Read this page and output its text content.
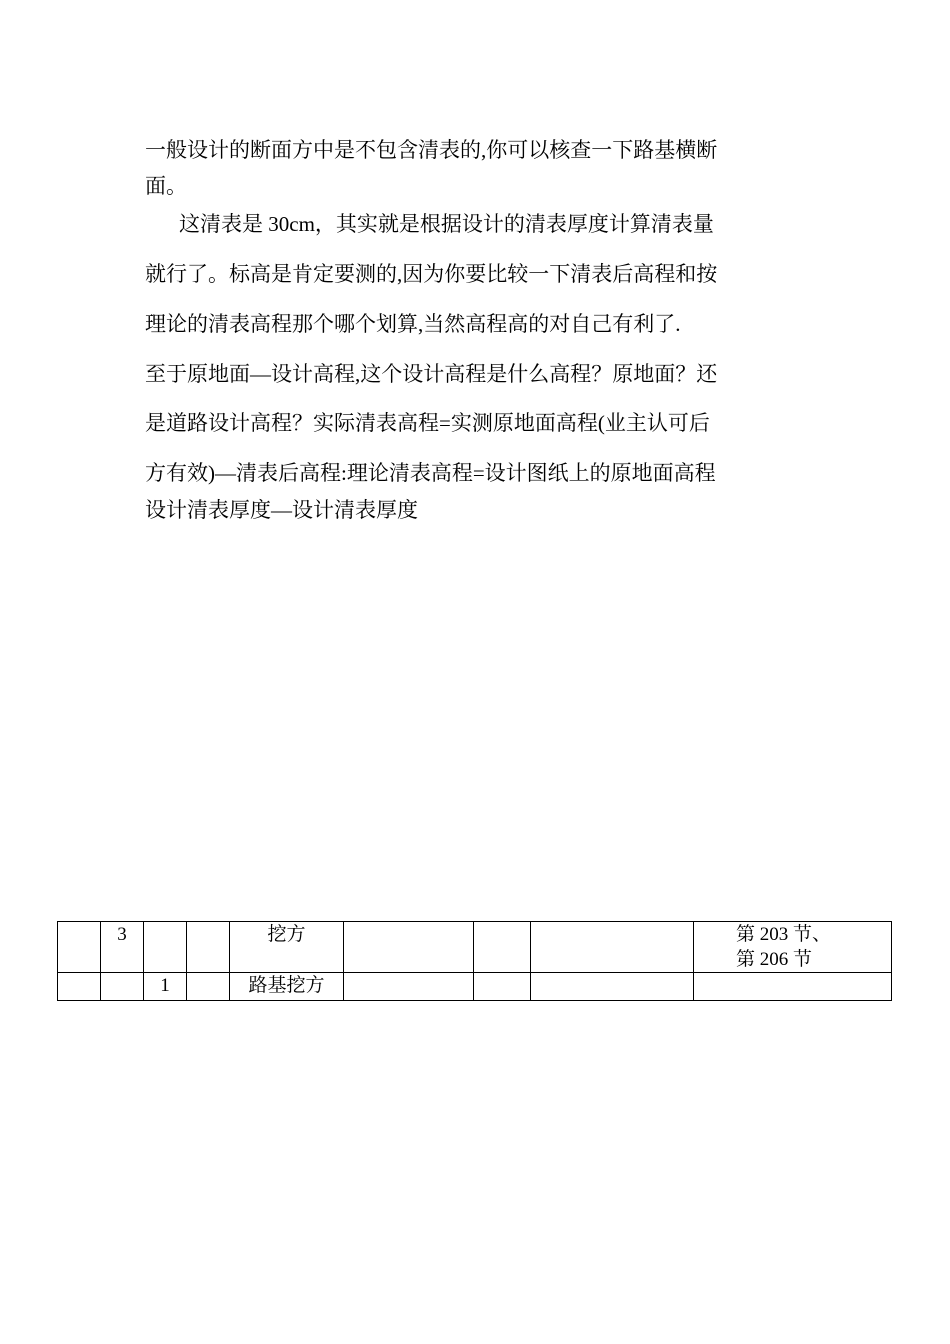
一般设计的断面方中是不包含清表的,你可以核查一下路基横断
面。
这清表是 30cm，其实就是根据设计的清表厚度计算清表量
就行了。标高是肯定要测的,因为你要比较一下清表后高程和按
理论的清表高程那个哪个划算,当然高程高的对自己有利了.
至于原地面—设计高程,这个设计高程是什么高程？原地面？还
是道路设计高程？实际清表高程=实测原地面高程(业主认可后
方有效)—清表后高程:理论清表高程=设计图纸上的原地面高程
设计清表厚度—设计清表厚度
	3			挖方				第 203 节、
第 206 节

		1		路基挖方				
